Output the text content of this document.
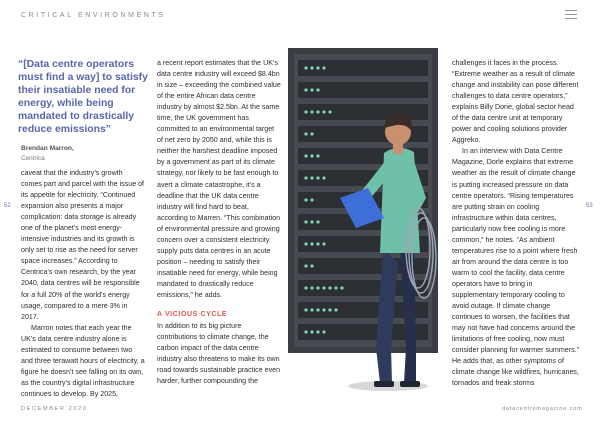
CRITICAL ENVIRONMENTS
52	53
“[Data centre operators must find a way] to satisfy their insatiable need for energy, while being mandated to drastically reduce emissions”
Brendan Marron,
Centrica

caveat that the industry’s growth comes part and parcel with the issue of its appetite for electricity. “Continued expansion also presents a major complication: data storage is already one of the planet’s most energy-intensive industries and its growth is only set to rise as the need for server space increases.” According to Centrica’s own research, by the year 2040, data centres will be responsible for a full 20% of the world’s energy usage, compared to a mere 3% in 2017.

Marron notes that each year the UK’s data centre industry alone is estimated to consume between two and three terawatt hours of electricity, a figure he doesn’t see falling on its own, as the country’s digital infrastructure continues to develop. By 2025,

a recent report estimates that the UK’s data centre industry will exceed $8.4bn in size – exceeding the combined value of the entire African data centre industry by almost $2.5bn. At the same time, the UK government has committed to an environmental target of net zero by 2050 and, while this is neither the harshest deadline imposed by a government as part of its climate strategy, nor likely to be fast enough to avert a climate catastrophe, it’s a deadline that the UK data centre industry will find hard to beat, according to Marren. “This combination of environmental pressure and growing concern over a consistent electricity supply puts data centres in an acute position – needing to satisfy their insatiable need for energy, while being mandated to drastically reduce emissions,” he adds.

A VICIOUS CYCLE

In addition to its big picture contributions to climate change, the carbon impact of the data centre industry also threatens to make its own road towards sustainable practice even harder, further compounding the

challenges it faces in the process. “Extreme weather as a result of climate change and instability can pose different challenges to data centre operators,” explains Billy Dorie, global sector head of the data centre unit at temporary power and cooling solutions provider Aggreko.

In an interview with Data Centre Magazine, Dorle explains that extreme weather as the result of climate change is putting increased pressure on data centre operators. “Rising temperatures are putting strain on cooling infrastructure within data centres, particularly now free cooling is more common,” he notes. “As ambient temperatures rise to a point where fresh air from around the data centre is too warm to cool the facility, data centre operators have to bring in supplementary temporary cooling to avoid outage. If climate change continues to worsen, the facilities that may not have had concerns around the limitations of free cooling, now must consider planning for warmer summers.” He adds that, as other symptoms of climate change like wildfires, hurricanes, tornados and freak storms

DECEMBER 2020	datacentremagazine.com
